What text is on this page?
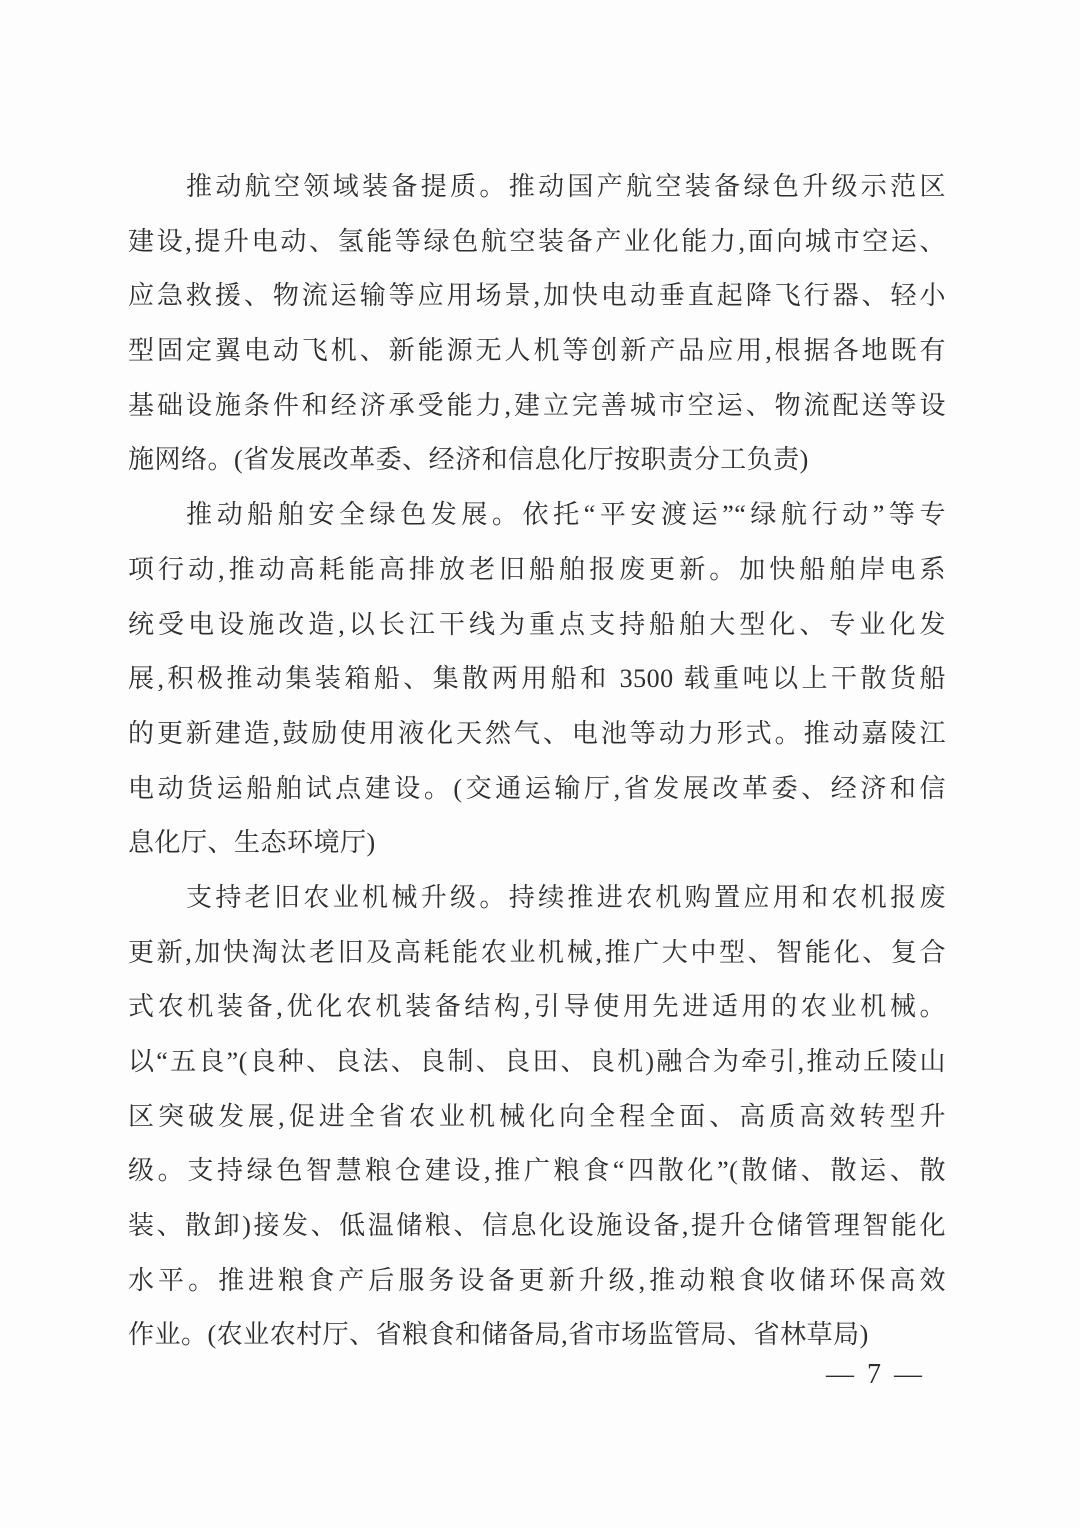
推动航空领域装备提质。推动国产航空装备绿色升级示范区
建设,提升电动、氢能等绿色航空装备产业化能力,面向城市空运、
应急救援、物流运输等应用场景,加快电动垂直起降飞行器、轻小
型固定翼电动飞机、新能源无人机等创新产品应用,根据各地既有
基础设施条件和经济承受能力,建立完善城市空运、物流配送等设
施网络。(省发展改革委、经济和信息化厅按职责分工负责)
推动船舶安全绿色发展。依托“平安渡运”“绿航行动”等专
项行动,推动高耗能高排放老旧船舶报废更新。加快船舶岸电系
统受电设施改造,以长江干线为重点支持船舶大型化、专业化发
展,积极推动集装箱船、集散两用船和 3500 载重吨以上干散货船
的更新建造,鼓励使用液化天然气、电池等动力形式。推动嘉陵江
电动货运船舶试点建设。(交通运输厅,省发展改革委、经济和信
息化厅、生态环境厅)
支持老旧农业机械升级。持续推进农机购置应用和农机报废
更新,加快淘汰老旧及高耗能农业机械,推广大中型、智能化、复合
式农机装备,优化农机装备结构,引导使用先进适用的农业机械。
以“五良”(良种、良法、良制、良田、良机)融合为牵引,推动丘陵山
区突破发展,促进全省农业机械化向全程全面、高质高效转型升
级。支持绿色智慧粮仓建设,推广粮食“四散化”(散储、散运、散
装、散卸)接发、低温储粮、信息化设施设备,提升仓储管理智能化
水平。推进粮食产后服务设备更新升级,推动粮食收储环保高效
作业。(农业农村厅、省粮食和储备局,省市场监管局、省林草局)
— 7 —
